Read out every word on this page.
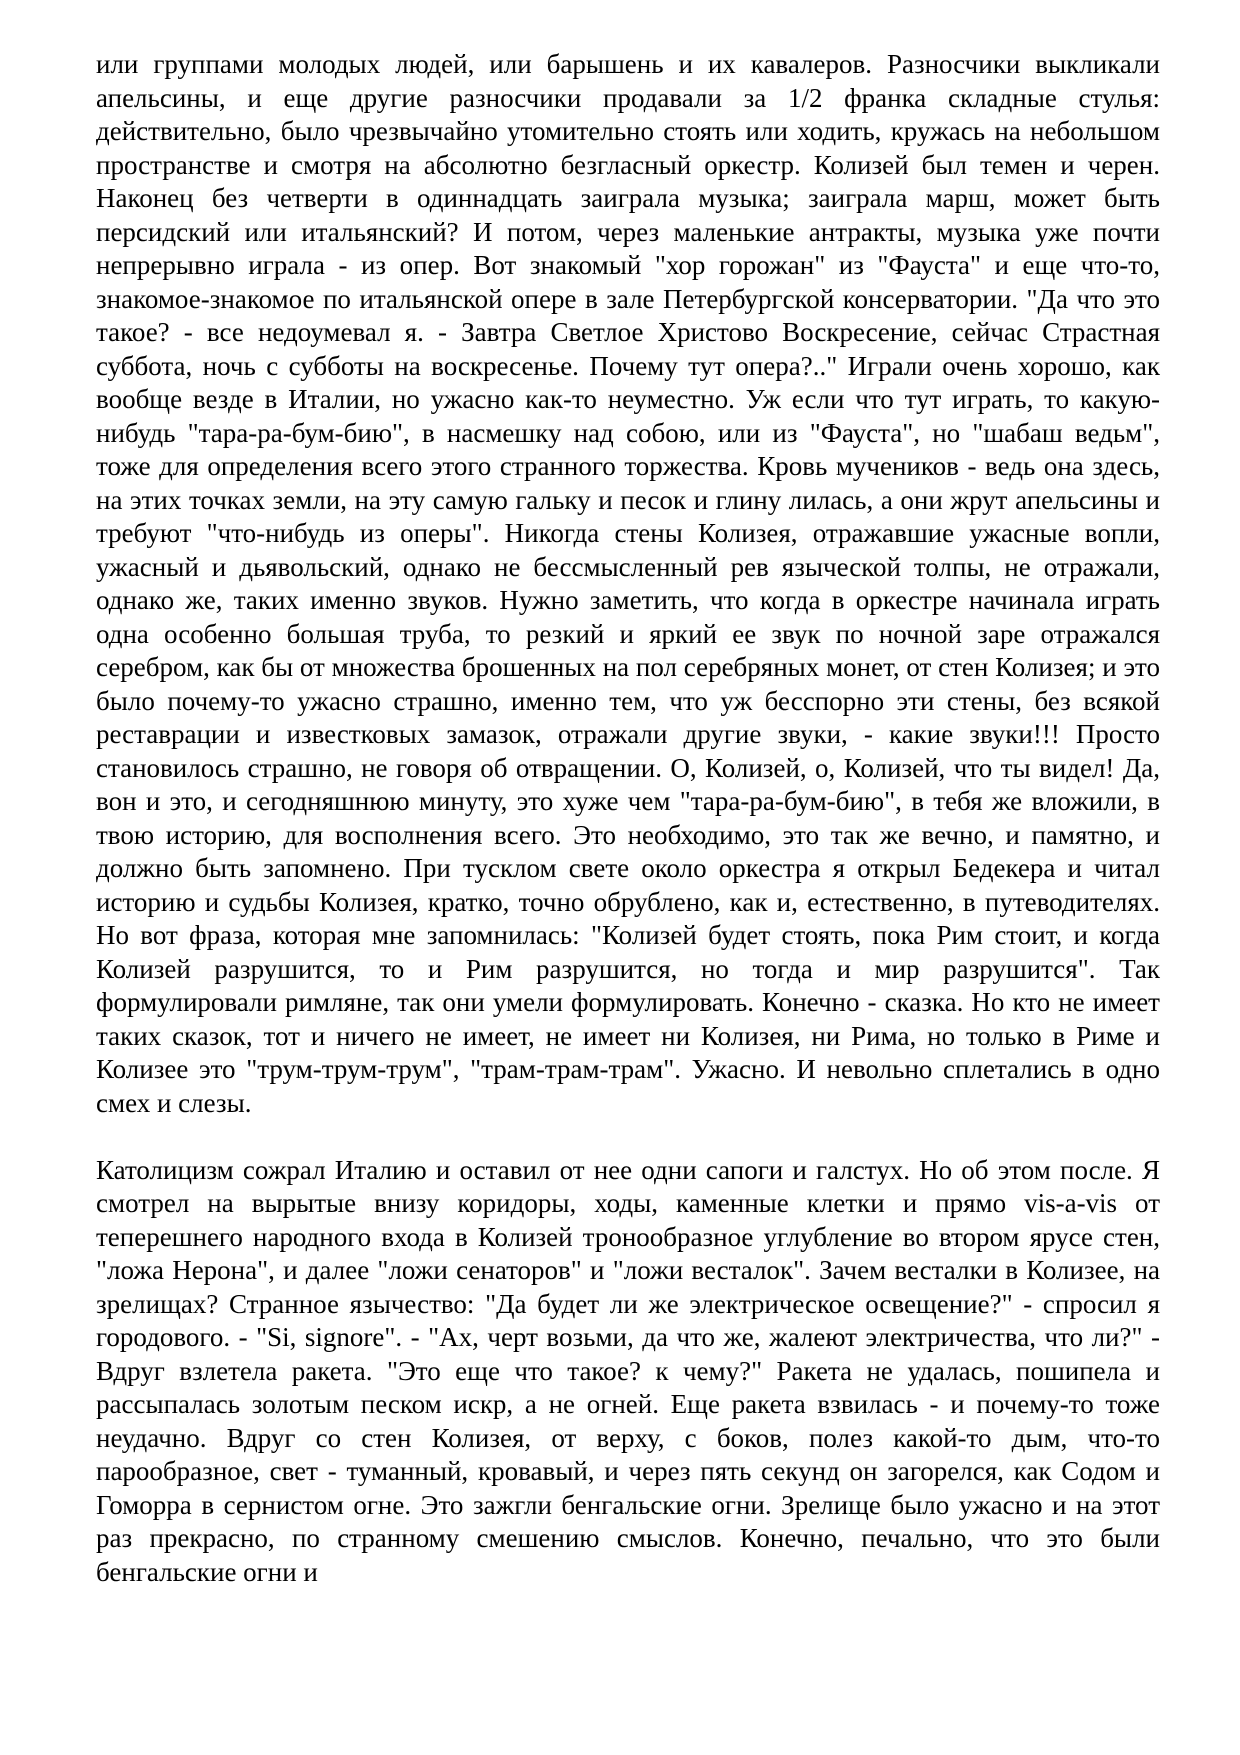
или группами молодых людей, или барышень и их кавалеров. Разносчики выкликали апельсины, и еще другие разносчики продавали за 1/2 франка складные стулья: действительно, было чрезвычайно утомительно стоять или ходить, кружась на небольшом пространстве и смотря на абсолютно безгласный оркестр. Колизей был темен и черен. Наконец без четверти в одиннадцать заиграла музыка; заиграла марш, может быть персидский или итальянский? И потом, через маленькие антракты, музыка уже почти непрерывно играла - из опер. Вот знакомый "хор горожан" из "Фауста" и еще что-то, знакомое-знакомое по итальянской опере в зале Петербургской консерватории. "Да что это такое? - все недоумевал я. - Завтра Светлое Христово Воскресение, сейчас Страстная суббота, ночь с субботы на воскресенье. Почему тут опера?.." Играли очень хорошо, как вообще везде в Италии, но ужасно как-то неуместно. Уж если что тут играть, то какую-нибудь "тара-ра-бум-бию", в насмешку над собою, или из "Фауста", но "шабаш ведьм", тоже для определения всего этого странного торжества. Кровь мучеников - ведь она здесь, на этих точках земли, на эту самую гальку и песок и глину лилась, а они жрут апельсины и требуют "что-нибудь из оперы". Никогда стены Колизея, отражавшие ужасные вопли, ужасный и дьявольский, однако не бессмысленный рев языческой толпы, не отражали, однако же, таких именно звуков. Нужно заметить, что когда в оркестре начинала играть одна особенно большая труба, то резкий и яркий ее звук по ночной заре отражался серебром, как бы от множества брошенных на пол серебряных монет, от стен Колизея; и это было почему-то ужасно страшно, именно тем, что уж бесспорно эти стены, без всякой реставрации и известковых замазок, отражали другие звуки, - какие звуки!!! Просто становилось страшно, не говоря об отвращении. О, Колизей, о, Колизей, что ты видел! Да, вон и это, и сегодняшнюю минуту, это хуже чем "тара-ра-бум-бию", в тебя же вложили, в твою историю, для восполнения всего. Это необходимо, это так же вечно, и памятно, и должно быть запомнено. При тусклом свете около оркестра я открыл Бедекера и читал историю и судьбы Колизея, кратко, точно обрублено, как и, естественно, в путеводителях. Но вот фраза, которая мне запомнилась: "Колизей будет стоять, пока Рим стоит, и когда Колизей разрушится, то и Рим разрушится, но тогда и мир разрушится". Так формулировали римляне, так они умели формулировать. Конечно - сказка. Но кто не имеет таких сказок, тот и ничего не имеет, не имеет ни Колизея, ни Рима, но только в Риме и Колизее это "трум-трум-трум", "трам-трам-трам". Ужасно. И невольно сплетались в одно смех и слезы.

Католицизм сожрал Италию и оставил от нее одни сапоги и галстух. Но об этом после. Я смотрел на вырытые внизу коридоры, ходы, каменные клетки и прямо vis-a-vis от теперешнего народного входа в Колизей тронообразное углубление во втором ярусе стен, "ложа Нерона", и далее "ложи сенаторов" и "ложи весталок". Зачем весталки в Колизее, на зрелищах? Странное язычество: "Да будет ли же электрическое освещение?" - спросил я городового. - "Si, signore". - "Ах, черт возьми, да что же, жалеют электричества, что ли?" - Вдруг взлетела ракета. "Это еще что такое? к чему?" Ракета не удалась, пошипела и рассыпалась золотым песком искр, а не огней. Еще ракета взвилась - и почему-то тоже неудачно. Вдруг со стен Колизея, от верху, с боков, полез какой-то дым, что-то парообразное, свет - туманный, кровавый, и через пять секунд он загорелся, как Содом и Гоморра в сернистом огне. Это зажгли бенгальские огни. Зрелище было ужасно и на этот раз прекрасно, по странному смешению смыслов. Конечно, печально, что это были бенгальские огни и
